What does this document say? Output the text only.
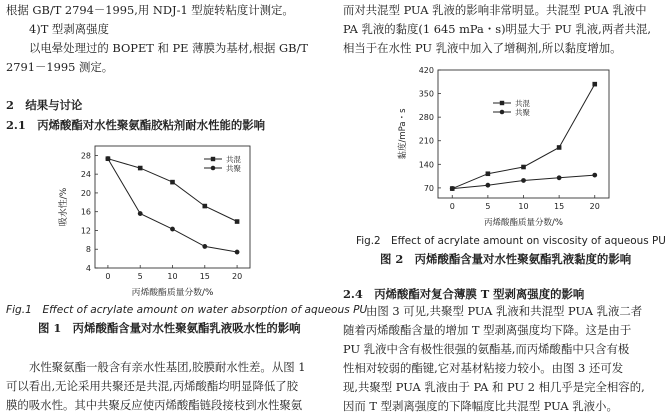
根据 GB/T 2794－1995,用 NDJ-1 型旋转粘度计测定。
4)T 型剥离强度
以电晕处理过的 BOPET 和 PE 薄膜为基材,根据 GB/T
2791－1995 测定。
2　结果与讨论
2.1　丙烯酸酯对水性聚氨酯胶粘剂耐水性能的影响
0	5	10	15	20
4
8
12
16
20
24
28
丙烯酸酯质量分数/%
吸水性/%
共混
共聚
Fig.1　Effect of acrylate amount on water absorption of aqueous PU
图 1　丙烯酸酯含量对水性聚氨酯乳液吸水性的影响
水性聚氨酯一般含有亲水性基团,胶膜耐水性差。从图 1
可以看出,无论采用共聚还是共混,丙烯酸酯均明显降低了胶
膜的吸水性。其中共聚反应使丙烯酸酯链段接枝到水性聚氨
而对共混型 PUA 乳液的影响非常明显。共混型 PUA 乳液中
PA 乳液的黏度(1 645 mPa・s)明显大于 PU 乳液,两者共混,
相当于在水性 PU 乳液中加入了增稠剂,所以黏度增加。
0	5	10	15	20
70
140
210
280
350
420
丙烯酸酯质量分数/%
黏度/mPa・s
共混
共聚
Fig.2　Effect of acrylate amount on viscosity of aqueous PU
图 2　丙烯酸酯含量对水性聚氨酯乳液黏度的影响
2.4　丙烯酸酯对复合薄膜 T 型剥离强度的影响
由图 3 可见,共聚型 PUA 乳液和共混型 PUA 乳液二者
随着丙烯酸酯含量的增加 T 型剥离强度均下降。这是由于
PU 乳液中含有极性很强的氨酯基,而丙烯酸酯中只含有极
性相对较弱的酯键,它对基材粘接力较小。由图 3 还可发
现,共聚型 PUA 乳液由于 PA 和 PU 2 相几乎是完全相容的,
因而 T 型剥离强度的下降幅度比共混型 PUA 乳液小。
